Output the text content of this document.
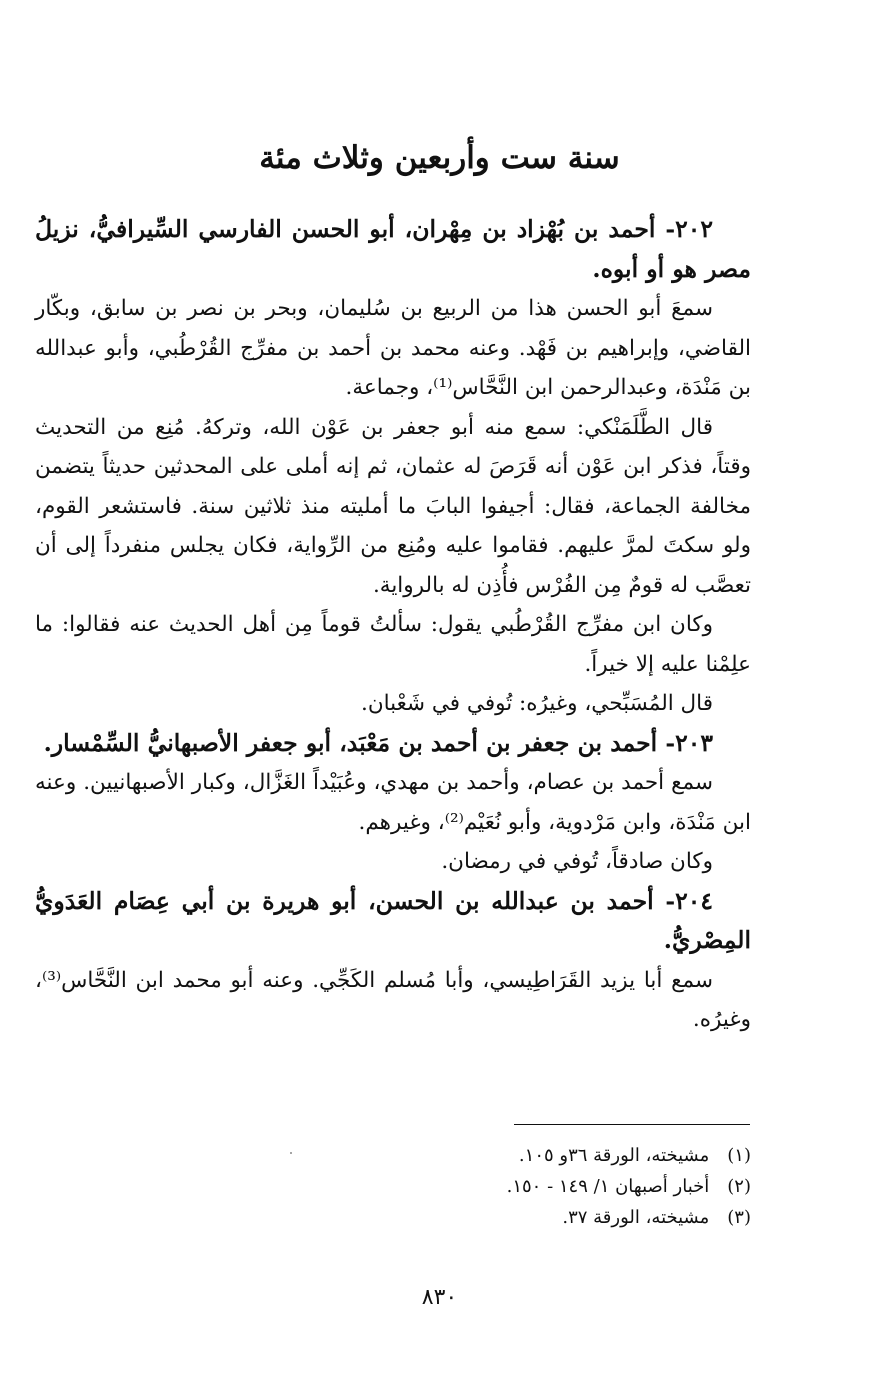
سنة ست وأربعين وثلاث مئة

٢٠٢- أحمد بن بُهْزاد بن مِهْران، أبو الحسن الفارسي السِّيرافيُّ، نزيلُ مصر هو أو أبوه.

سمعَ أبو الحسن هذا من الربيع بن سُليمان، وبحر بن نصر بن سابق، وبكّار القاضي، وإبراهيم بن فَهْد. وعنه محمد بن أحمد بن مفرِّج القُرْطُبي، وأبو عبدالله بن مَنْدَة، وعبدالرحمن ابن النَّحَّاس⁽¹⁾، وجماعة.

قال الطَّلَمَنْكي: سمع منه أبو جعفر بن عَوْن الله، وتركهُ. مُنِع من التحديث وقتاً، فذكر ابن عَوْن أنه قَرَصَ له عثمان، ثم إنه أملى على المحدثين حديثاً يتضمن مخالفة الجماعة، فقال: أجيفوا البابَ ما أمليته منذ ثلاثين سنة. فاستشعر القوم، ولو سكتَ لمرَّ عليهم. فقاموا عليه ومُنِع من الرِّواية، فكان يجلس منفرداً إلى أن تعصَّب له قومٌ مِن الفُرْس فأُذِن له بالرواية.

وكان ابن مفرِّج القُرْطُبي يقول: سألتُ قوماً مِن أهل الحديث عنه فقالوا: ما علِمْنا عليه إلا خيراً.

قال المُسَبِّحي، وغيرُه: تُوفي في شَعْبان.

٢٠٣- أحمد بن جعفر بن أحمد بن مَعْبَد، أبو جعفر الأصبهانيُّ السِّمْسار.

سمع أحمد بن عصام، وأحمد بن مهدي، وعُبَيْداً الغَزَّال، وكبار الأصبهانيين. وعنه ابن مَنْدَة، وابن مَرْدوية، وأبو نُعَيْم⁽²⁾، وغيرهم.

وكان صادقاً، تُوفي في رمضان.

٢٠٤- أحمد بن عبدالله بن الحسن، أبو هريرة بن أبي عِصَام العَدَويُّ المِصْريُّ.

سمع أبا يزيد القَرَاطِيسي، وأبا مُسلم الكَجِّي. وعنه أبو محمد ابن النَّحَّاس⁽³⁾، وغيرُه.

(١) مشيخته، الورقة ٣٦و ١٠٥.

(٢) أخبار أصبهان ١/ ١٤٩ - ١٥٠.

(٣) مشيخته، الورقة ٣٧.

٨٣٠
